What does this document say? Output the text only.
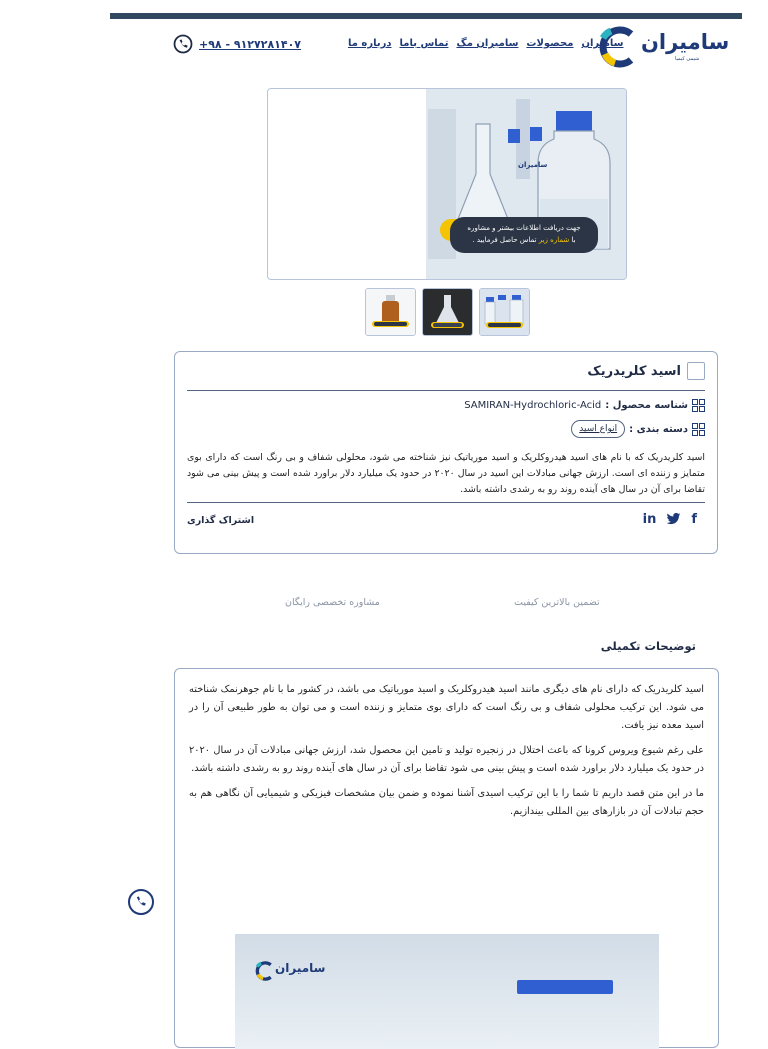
+۹۸ - ۹۱۲۷۲۸۱۴۰۷	سامیران
محصولات
سامیران مگ
تماس باما
درباره ما	سامیران
شیمی کیمیا
سامیران
جهت دریافت اطلاعات بیشتر و مشاوره
با شماره زیر تماس حاصل فرمایید .
اسید کلریدریک
شناسه محصول :
SAMIRAN-Hydrochloric-Acid
دسته بندی :
انواع اسید
اسید کلریدریک که با نام های اسید هیدروکلریک و اسید موریاتیک نیز شناخته می شود، محلولی شفاف و بی رنگ است که دارای بوی متمایز و زننده ای است. ارزش جهانی مبادلات این اسید در سال ۲۰۲۰ در حدود یک میلیارد دلار براورد شده است و پیش بینی می شود تقاضا برای آن در سال های آینده روند رو به رشدی داشته باشد.
اشتراک گذاری	f
in
تضمین بالاترین کیفیت
مشاوره تخصصی رایگان
توضیحات تکمیلی

اسید کلریدریک که دارای نام های دیگری مانند اسید هیدروکلریک و اسید موریاتیک می باشد، در کشور ما با نام جوهرنمک شناخته می شود. این ترکیب محلولی شفاف و بی رنگ است که دارای بوی متمایز و زننده است و می توان به طور طبیعی آن را در اسید معده نیز یافت.

علی رغم شیوع ویروس کرونا که باعث اختلال در زنجیره تولید و تامین این محصول شد، ارزش جهانی مبادلات آن در سال ۲۰۲۰ در حدود یک میلیارد دلار براورد شده است و پیش بینی می شود تقاضا برای آن در سال های آینده روند رو به رشدی داشته باشد.

ما در این متن قصد داریم تا شما را با این ترکیب اسیدی آشنا نموده و ضمن بیان مشخصات فیزیکی و شیمیایی آن نگاهی هم به حجم تبادلات آن در بازارهای بین المللی بیندازیم.

سامیران
